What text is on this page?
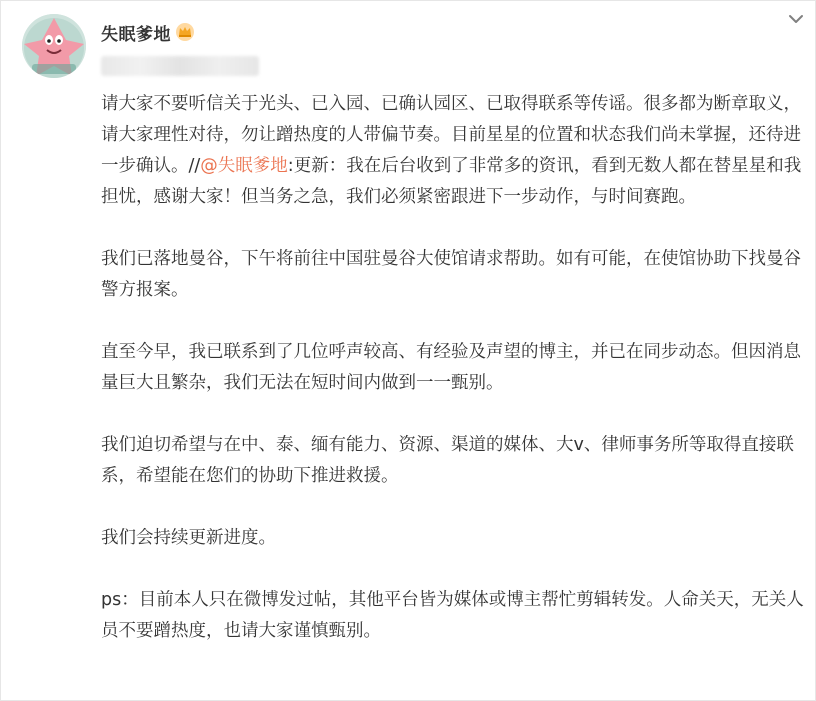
失眠爹地

请大家不要听信关于光头、已入园、已确认园区、已取得联系等传谣。很多都为断章取义，请大家理性对待，勿让蹭热度的人带偏节奏。目前星星的位置和状态我们尚未掌握，还待进一步确认。//@失眠爹地:更新：我在后台收到了非常多的资讯，看到无数人都在替星星和我担忧，感谢大家！但当务之急，我们必须紧密跟进下一步动作，与时间赛跑。

我们已落地曼谷，下午将前往中国驻曼谷大使馆请求帮助。如有可能，在使馆协助下找曼谷警方报案。

直至今早，我已联系到了几位呼声较高、有经验及声望的博主，并已在同步动态。但因消息量巨大且繁杂，我们无法在短时间内做到一一甄别。

我们迫切希望与在中、泰、缅有能力、资源、渠道的媒体、大v、律师事务所等取得直接联系，希望能在您们的协助下推进救援。

我们会持续更新进度。

ps：目前本人只在微博发过帖，其他平台皆为媒体或博主帮忙剪辑转发。人命关天，无关人员不要蹭热度，也请大家谨慎甄别。
